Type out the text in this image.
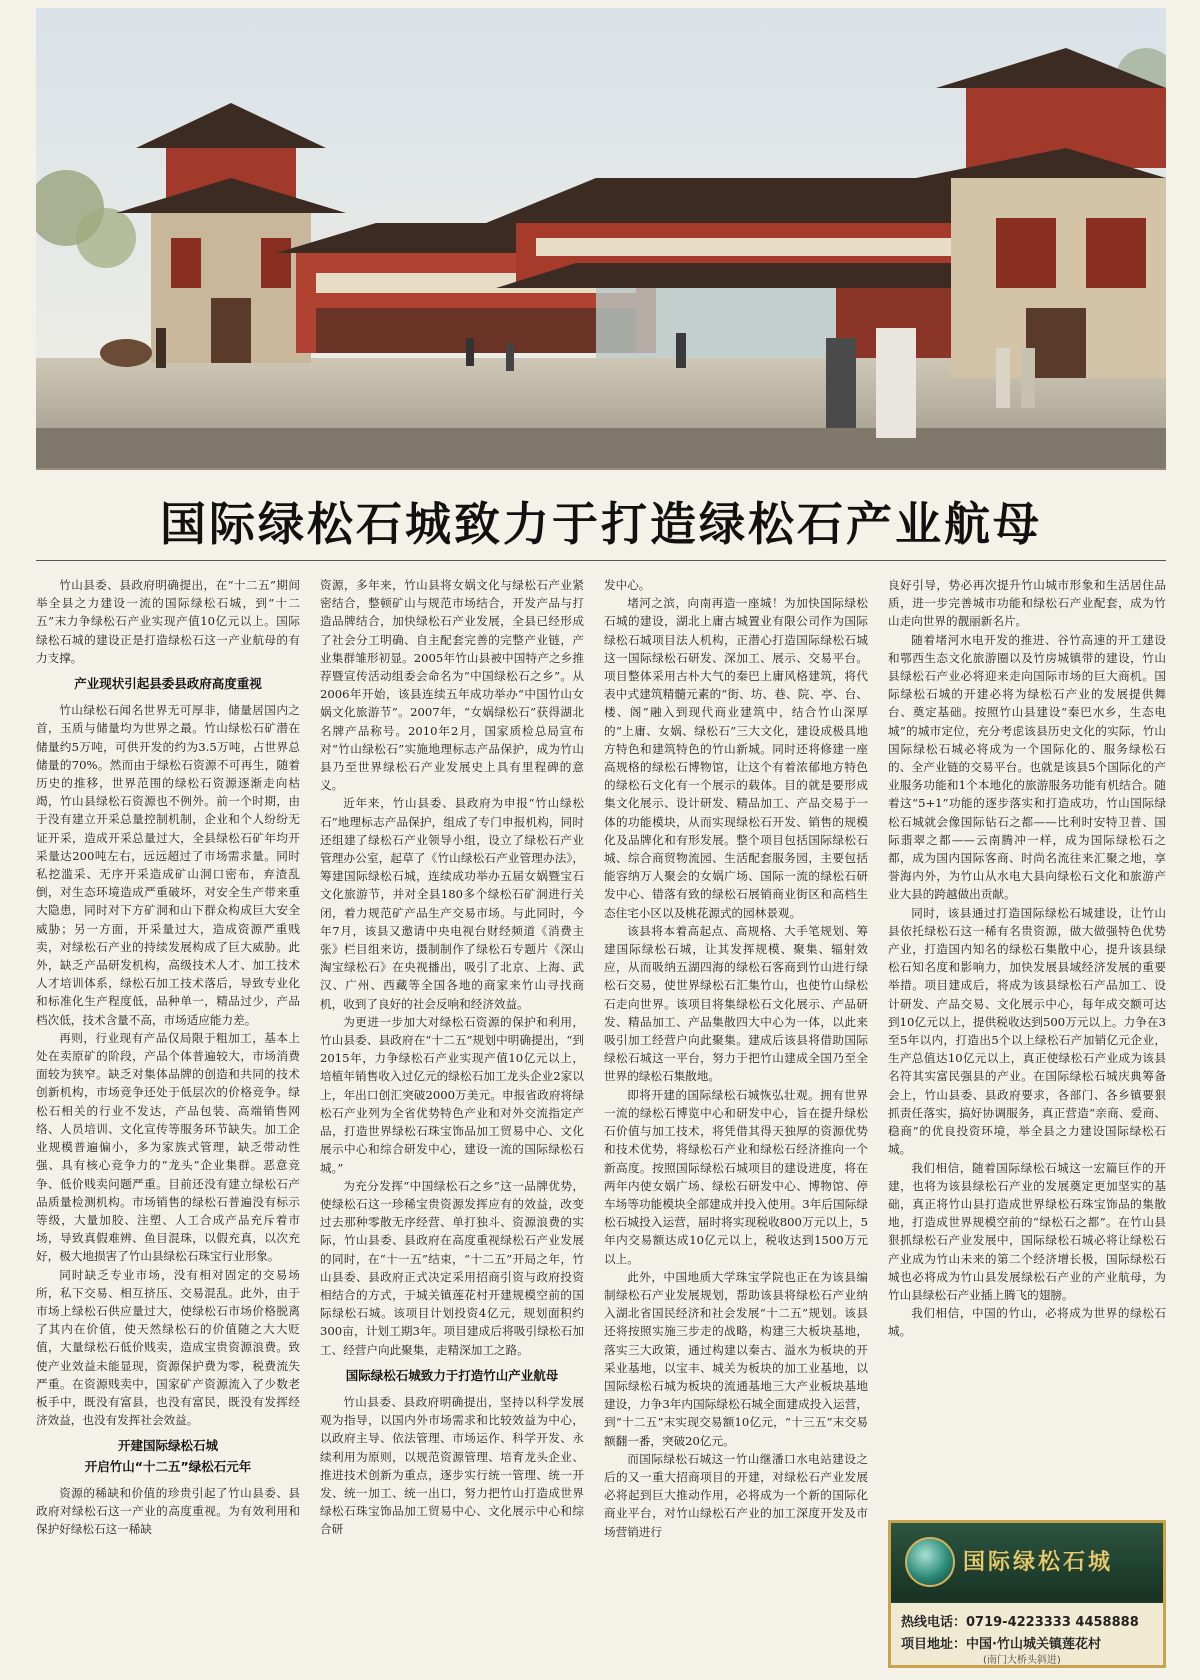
国际绿松石城致力于打造绿松石产业航母

竹山县委、县政府明确提出，在“十二五”期间举全县之力建设一流的国际绿松石城，到“十二五”末力争绿松石产业实现产值10亿元以上。国际绿松石城的建设正是打造绿松石这一产业航母的有力支撑。

产业现状引起县委县政府高度重视

竹山绿松石闻名世界无可厚非，储量居国内之首，玉质与储量均为世界之最。竹山绿松石矿潜在储量约5万吨，可供开发的约为3.5万吨，占世界总储量的70%。然而由于绿松石资源不可再生，随着历史的推移，世界范围的绿松石资源逐渐走向枯竭，竹山县绿松石资源也不例外。前一个时期，由于没有建立开采总量控制机制，企业和个人纷纷无证开采，造成开采总量过大，全县绿松石矿年均开采量达200吨左右，远远超过了市场需求量。同时私挖滥采、无序开采造成矿山洞口密布，弃渣乱倒，对生态环境造成严重破坏，对安全生产带来重大隐患，同时对下方矿洞和山下群众构成巨大安全威胁；另一方面，开采量过大，造成资源严重贱卖，对绿松石产业的持续发展构成了巨大威胁。此外，缺乏产品研发机构，高级技术人才、加工技术人才培训体系，绿松石加工技术落后，导致专业化和标准化生产程度低，品种单一，精品过少，产品档次低，技术含量不高，市场适应能力差。

再则，行业现有产品仅局限于粗加工，基本上处在卖原矿的阶段，产品个体普遍较大，市场消费面较为狭窄。缺乏对集体品牌的创造和共同的技术创新机构，市场竞争还处于低层次的价格竞争。绿松石相关的行业不发达，产品包装、高端销售网络、人员培训、文化宣传等服务环节缺失。加工企业规模普遍偏小，多为家族式管理，缺乏带动性强、具有核心竞争力的“龙头”企业集群。恶意竞争、低价贱卖问题严重。目前还没有建立绿松石产品质量检测机构。市场销售的绿松石普遍没有标示等级，大量加胶、注塑、人工合成产品充斥着市场，导致真假难辨、鱼目混珠，以假充真，以次充好，极大地损害了竹山县绿松石珠宝行业形象。

同时缺乏专业市场，没有相对固定的交易场所，私下交易、相互挤压、交易混乱。此外，由于市场上绿松石供应量过大，使绿松石市场价格脱离了其内在价值，使天然绿松石的价值随之大大贬值，大量绿松石低价贱卖，造成宝贵资源浪费。致使产业效益未能显现，资源保护费为零，税费流失严重。在资源贱卖中，国家矿产资源流入了少数老板手中，既没有富县，也没有富民，既没有发挥经济效益，也没有发挥社会效益。

开建国际绿松石城
开启竹山“十二五”绿松石元年

资源的稀缺和价值的珍贵引起了竹山县委、县政府对绿松石这一产业的高度重视。为有效利用和保护好绿松石这一稀缺

资源，多年来，竹山县将女娲文化与绿松石产业紧密结合，整顿矿山与规范市场结合，开发产品与打造品牌结合，加快绿松石产业发展，全县已经形成了社会分工明确、自主配套完善的完整产业链，产业集群雏形初显。2005年竹山县被中国特产之乡推荐暨宣传活动组委会命名为“中国绿松石之乡”。从2006年开始，该县连续五年成功举办“中国竹山女娲文化旅游节”。2007年，“女娲绿松石”获得湖北名牌产品称号。2010年2月，国家质检总局宣布对“竹山绿松石”实施地理标志产品保护，成为竹山县乃至世界绿松石产业发展史上具有里程碑的意义。

近年来，竹山县委、县政府为申报“竹山绿松石”地理标志产品保护，组成了专门申报机构，同时还组建了绿松石产业领导小组，设立了绿松石产业管理办公室，起草了《竹山绿松石产业管理办法》，筹建国际绿松石城，连续成功举办五届女娲暨宝石文化旅游节，并对全县180多个绿松石矿洞进行关闭，着力规范矿产品生产交易市场。与此同时，今年7月，该县又邀请中央电视台财经频道《消费主张》栏目组来访，摄制制作了绿松石专题片《深山淘宝绿松石》在央视播出，吸引了北京、上海、武汉、广州、西藏等全国各地的商家来竹山寻找商机，收到了良好的社会反响和经济效益。

为更进一步加大对绿松石资源的保护和利用，竹山县委、县政府在“十二五”规划中明确提出，“到2015年，力争绿松石产业实现产值10亿元以上，培植年销售收入过亿元的绿松石加工龙头企业2家以上，年出口创汇突破2000万美元。申报省政府将绿松石产业列为全省优势特色产业和对外交流指定产品，打造世界绿松石珠宝饰品加工贸易中心、文化展示中心和综合研发中心，建设一流的国际绿松石城。”

为充分发挥“中国绿松石之乡”这一品牌优势，使绿松石这一珍稀宝贵资源发挥应有的效益，改变过去那种零散无序经营、单打独斗、资源浪费的实际，竹山县委、县政府在高度重视绿松石产业发展的同时，在“十一五”结束，“十二五”开局之年，竹山县委、县政府正式决定采用招商引资与政府投资相结合的方式，于城关镇莲花村开建规模空前的国际绿松石城。该项目计划投资4亿元，规划面积约300亩，计划工期3年。项目建成后将吸引绿松石加工、经营户向此聚集，走精深加工之路。

国际绿松石城致力于打造竹山产业航母

竹山县委、县政府明确提出，坚持以科学发展观为指导，以国内外市场需求和比较效益为中心，以政府主导、依法管理、市场运作、科学开发、永续利用为原则，以规范资源管理、培育龙头企业、推进技术创新为重点，逐步实行统一管理、统一开发、统一加工、统一出口，努力把竹山打造成世界绿松石珠宝饰品加工贸易中心、文化展示中心和综合研

发中心。

堵河之滨，向南再造一座城！为加快国际绿松石城的建设，湖北上庸古城置业有限公司作为国际绿松石城项目法人机构，正潜心打造国际绿松石城这一国际绿松石研发、深加工、展示、交易平台。项目整体采用古朴大气的秦巴上庸风格建筑，将代表中式建筑精髓元素的“街、坊、巷、院、亭、台、楼、阁”融入到现代商业建筑中，结合竹山深厚的“上庸、女娲、绿松石”三大文化，建设成极具地方特色和建筑特色的竹山新城。同时还将修建一座高规格的绿松石博物馆，让这个有着浓郁地方特色的绿松石文化有一个展示的载体。目的就是要形成集文化展示、设计研发、精品加工、产品交易于一体的功能模块，从而实现绿松石开发、销售的规模化及品牌化和有形发展。整个项目包括国际绿松石城、综合商贸物流园、生活配套服务园，主要包括能容纳万人聚会的女娲广场、国际一流的绿松石研发中心、错落有致的绿松石展销商业街区和高档生态住宅小区以及桃花源式的园林景观。

该县将本着高起点、高规格、大手笔规划、筹建国际绿松石城，让其发挥规模、聚集、辐射效应，从而吸纳五湖四海的绿松石客商到竹山进行绿松石交易，使世界绿松石汇集竹山，也使竹山绿松石走向世界。该项目将集绿松石文化展示、产品研发、精品加工、产品集散四大中心为一体，以此来吸引加工经营户向此聚集。建成后该县将借助国际绿松石城这一平台，努力于把竹山建成全国乃至全世界的绿松石集散地。

即将开建的国际绿松石城恢弘壮观。拥有世界一流的绿松石博览中心和研发中心，旨在提升绿松石价值与加工技术，将凭借其得天独厚的资源优势和技术优势，将绿松石产业和绿松石经济推向一个新高度。按照国际绿松石城项目的建设进度，将在两年内使女娲广场、绿松石研发中心、博物馆、停车场等功能模块全部建成并投入使用。3年后国际绿松石城投入运营，届时将实现税收800万元以上，5年内交易额达成10亿元以上，税收达到1500万元以上。

此外，中国地质大学珠宝学院也正在为该县编制绿松石产业发展规划，帮助该县将绿松石产业纳入湖北省国民经济和社会发展“十二五”规划。该县还将按照实施三步走的战略，构建三大板块基地，落实三大政策，通过构建以秦古、溢水为板块的开采业基地，以宝丰、城关为板块的加工业基地，以国际绿松石城为板块的流通基地三大产业板块基地建设，力争3年内国际绿松石城全面建成投入运营，到“十二五”末实现交易额10亿元，“十三五”末交易额翻一番，突破20亿元。

而国际绿松石城这一竹山继潘口水电站建设之后的又一重大招商项目的开建，对绿松石产业发展必将起到巨大推动作用，必将成为一个新的国际化商业平台，对竹山绿松石产业的加工深度开发及市场营销进行

良好引导，势必再次提升竹山城市形象和生活居住品质，进一步完善城市功能和绿松石产业配套，成为竹山走向世界的靓丽新名片。

随着堵河水电开发的推进、谷竹高速的开工建设和鄂西生态文化旅游圈以及竹房城镇带的建设，竹山县绿松石产业必将迎来走向国际市场的巨大商机。国际绿松石城的开建必将为绿松石产业的发展提供舞台、奠定基础。按照竹山县建设“秦巴水乡，生态电城”的城市定位，充分考虑该县历史文化的实际，竹山国际绿松石城必将成为一个国际化的、服务绿松石的、全产业链的交易平台。也就是该县5个国际化的产业服务功能和1个本地化的旅游服务功能有机结合。随着这“5+1”功能的逐步落实和打造成功，竹山国际绿松石城就会像国际钻石之都——比利时安特卫普、国际翡翠之都——云南腾冲一样，成为国际绿松石之都，成为国内国际客商、时尚名流往来汇聚之地，享誉海内外，为竹山从水电大县向绿松石文化和旅游产业大县的跨越做出贡献。

同时，该县通过打造国际绿松石城建设，让竹山县依托绿松石这一稀有名贵资源，做大做强特色优势产业，打造国内知名的绿松石集散中心，提升该县绿松石知名度和影响力，加快发展县域经济发展的重要举措。项目建成后，将成为该县绿松石产品加工、设计研发、产品交易、文化展示中心，每年成交额可达到10亿元以上，提供税收达到500万元以上。力争在3至5年以内，打造出5个以上绿松石产加销亿元企业，生产总值达10亿元以上，真正使绿松石产业成为该县名符其实富民强县的产业。在国际绿松石城庆典筹备会上，竹山县委、县政府要求，各部门、各乡镇要狠抓责任落实，搞好协调服务，真正营造“亲商、爱商、稳商”的优良投资环境，举全县之力建设国际绿松石城。

我们相信，随着国际绿松石城这一宏篇巨作的开建，也将为该县绿松石产业的发展奠定更加坚实的基础，真正将竹山县打造成世界绿松石珠宝饰品的集散地，打造成世界规模空前的“绿松石之都”。在竹山县狠抓绿松石产业发展中，国际绿松石城必将让绿松石产业成为竹山未来的第二个经济增长极，国际绿松石城也必将成为竹山县发展绿松石产业的产业航母，为竹山县绿松石产业插上腾飞的翅膀。

我们相信，中国的竹山，必将成为世界的绿松石城。

国际绿松石城
热线电话：0719-4223333 4458888
项目地址：中国·竹山城关镇莲花村
(南门大桥头斜进)
